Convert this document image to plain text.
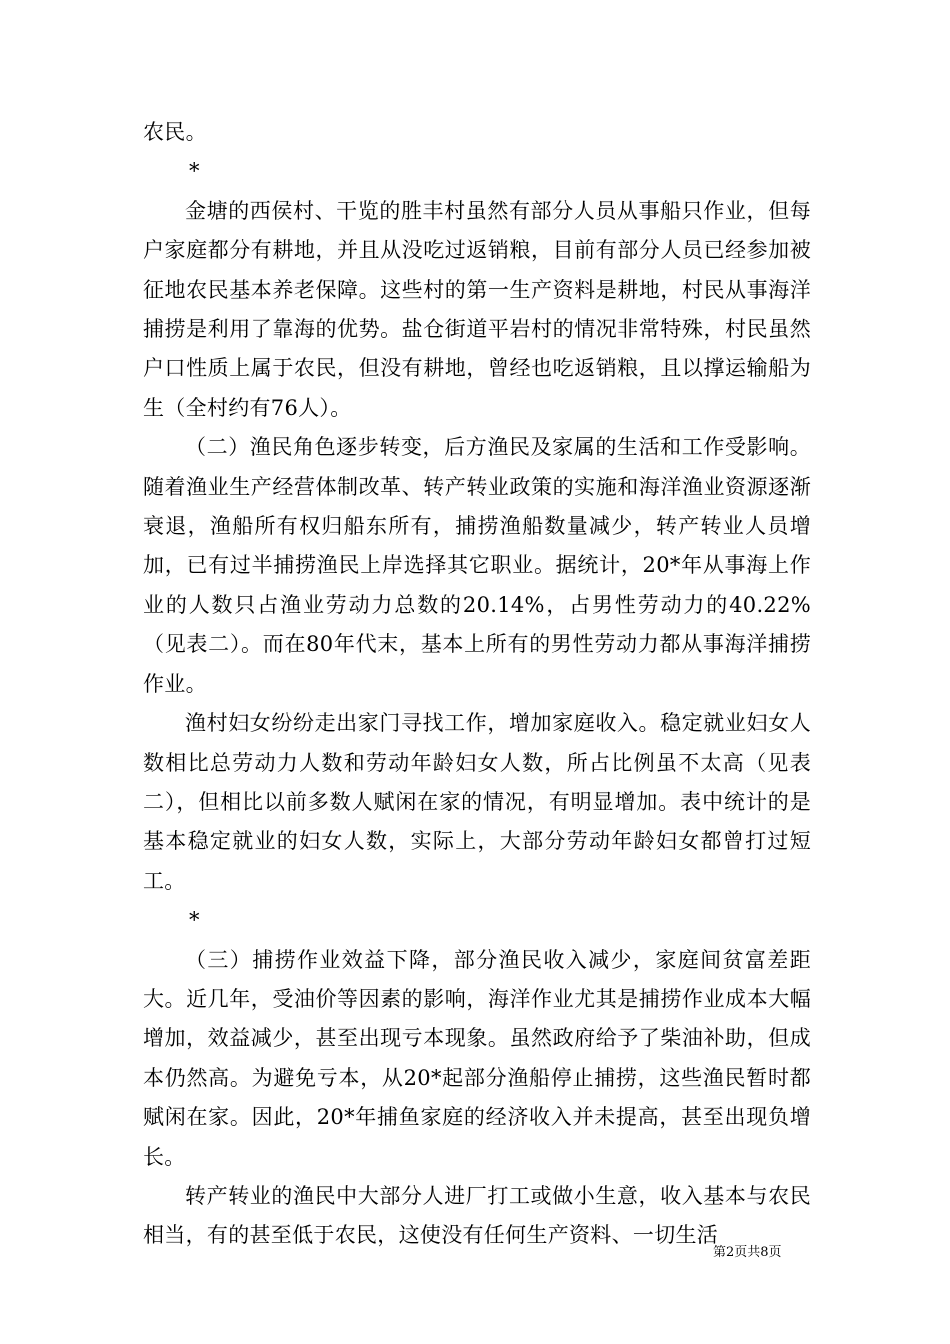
农民。

*

金塘的西侯村、干览的胜丰村虽然有部分人员从事船只作业，但每户家庭都分有耕地，并且从没吃过返销粮，目前有部分人员已经参加被征地农民基本养老保障。这些村的第一生产资料是耕地，村民从事海洋捕捞是利用了靠海的优势。盐仓街道平岩村的情况非常特殊，村民虽然户口性质上属于农民，但没有耕地，曾经也吃返销粮，且以撑运输船为生（全村约有76人）。

（二）渔民角色逐步转变，后方渔民及家属的生活和工作受影响。随着渔业生产经营体制改革、转产转业政策的实施和海洋渔业资源逐渐衰退，渔船所有权归船东所有，捕捞渔船数量减少，转产转业人员增加，已有过半捕捞渔民上岸选择其它职业。据统计，20*年从事海上作业的人数只占渔业劳动力总数的20.14%，占男性劳动力的40.22%（见表二）。而在80年代末，基本上所有的男性劳动力都从事海洋捕捞作业。

渔村妇女纷纷走出家门寻找工作，增加家庭收入。稳定就业妇女人数相比总劳动力人数和劳动年龄妇女人数，所占比例虽不太高（见表二），但相比以前多数人赋闲在家的情况，有明显增加。表中统计的是基本稳定就业的妇女人数，实际上，大部分劳动年龄妇女都曾打过短工。

*

（三）捕捞作业效益下降，部分渔民收入减少，家庭间贫富差距大。近几年，受油价等因素的影响，海洋作业尤其是捕捞作业成本大幅增加，效益减少，甚至出现亏本现象。虽然政府给予了柴油补助，但成本仍然高。为避免亏本，从20*起部分渔船停止捕捞，这些渔民暂时都赋闲在家。因此，20*年捕鱼家庭的经济收入并未提高，甚至出现负增长。

转产转业的渔民中大部分人进厂打工或做小生意，收入基本与农民相当，有的甚至低于农民，这使没有任何生产资料、一切生活

第2页共8页
